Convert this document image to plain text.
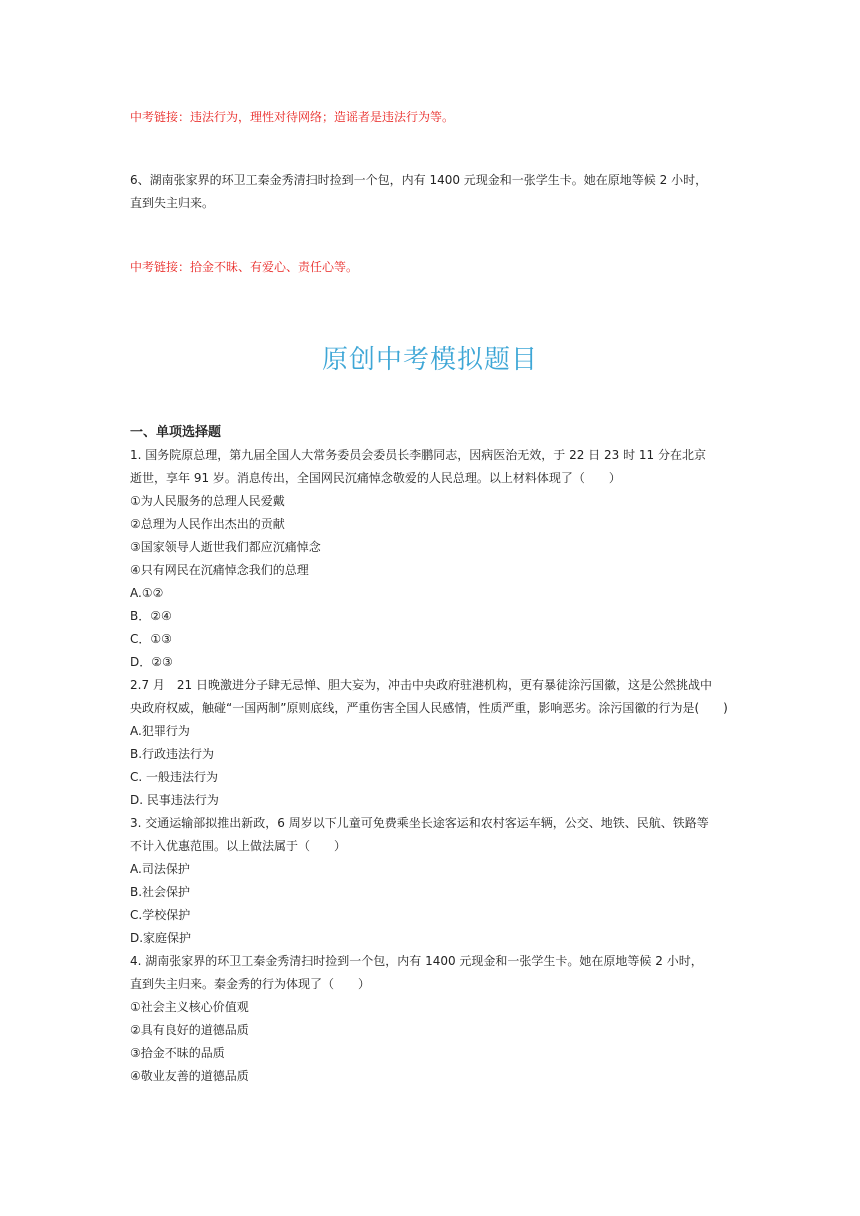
中考链接：违法行为，理性对待网络；造谣者是违法行为等。

6、湖南张家界的环卫工秦金秀清扫时捡到一个包，内有 1400 元现金和一张学生卡。她在原地等候 2 小时，

直到失主归来。

中考链接：拾金不昧、有爱心、责任心等。

原创中考模拟题目
一、单项选择题

1. 国务院原总理，第九届全国人大常务委员会委员长李鹏同志，因病医治无效，于 22 日 23 时 11 分在北京

逝世，享年 91 岁。消息传出，全国网民沉痛悼念敬爱的人民总理。以上材料体现了（　　）

①为人民服务的总理人民爱戴

②总理为人民作出杰出的贡献

③国家领导人逝世我们都应沉痛悼念

④只有网民在沉痛悼念我们的总理

A.①②

B．②④

C．①③

D．②③

2.7 月　21 日晚激进分子肆无忌惮、胆大妄为，冲击中央政府驻港机构，更有暴徒涂污国徽，这是公然挑战中

央政府权威，触碰“一国两制”原则底线，严重伤害全国人民感情，性质严重，影响恶劣。涂污国徽的行为是(　　)

A.犯罪行为

B.行政违法行为

C. 一般违法行为

D. 民事违法行为

3. 交通运输部拟推出新政，6 周岁以下儿童可免费乘坐长途客运和农村客运车辆，公交、地铁、民航、铁路等

不计入优惠范围。以上做法属于（　　）

A.司法保护

B.社会保护

C.学校保护

D.家庭保护

4. 湖南张家界的环卫工秦金秀清扫时捡到一个包，内有 1400 元现金和一张学生卡。她在原地等候 2 小时，

直到失主归来。秦金秀的行为体现了（　　）

①社会主义核心价值观

②具有良好的道德品质

③拾金不昧的品质

④敬业友善的道德品质
